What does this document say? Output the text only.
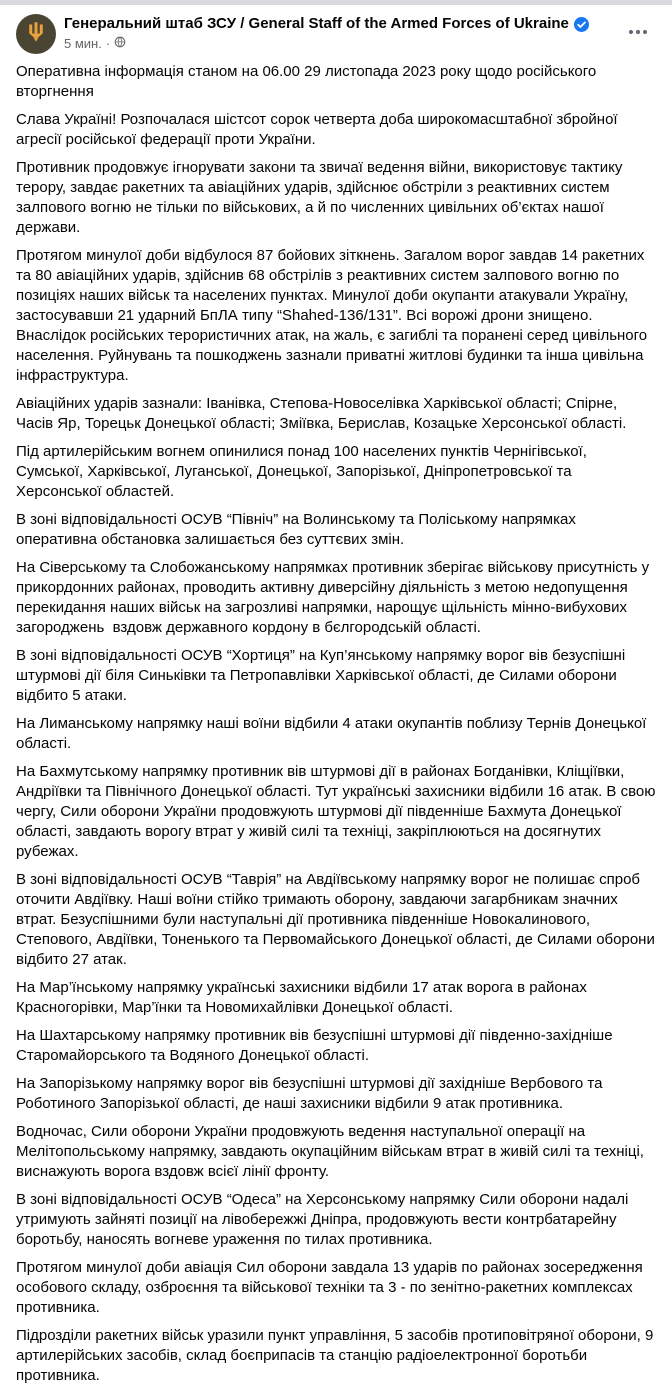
Генеральний штаб ЗСУ / General Staff of the Armed Forces of Ukraine
5 мин. ·

Оперативна інформація станом на 06.00 29 листопада 2023 року щодо російського вторгнення

Слава Україні! Розпочалася шістсот сорок четверта доба широкомасштабної збройної агресії російської федерації проти України.

Противник продовжує ігнорувати закони та звичаї ведення війни, використовує тактику терору, завдає ракетних та авіаційних ударів, здійснює обстріли з реактивних систем залпового вогню не тільки по військових, а й по численних цивільних об’єктах нашої держави.

Протягом минулої доби відбулося 87 бойових зіткнень. Загалом ворог завдав 14 ракетних та 80 авіаційних ударів, здійснив 68 обстрілів з реактивних систем залпового вогню по позиціях наших військ та населених пунктах. Минулої доби окупанти атакували Україну, застосувавши 21 ударний БпЛА типу “Shahed-136/131”. Всі ворожі дрони знищено. Внаслідок російських терористичних атак, на жаль, є загиблі та поранені серед цивільного населення. Руйнувань та пошкоджень зазнали приватні житлові будинки та інша цивільна інфраструктура.

Авіаційних ударів зазнали: Іванівка, Степова-Новоселівка Харківської області; Спірне, Часів Яр, Торецьк Донецької області; Зміївка, Берислав, Козацьке Херсонської області.

Під артилерійським вогнем опинилися понад 100 населених пунктів Чернігівської, Сумської, Харківської, Луганської, Донецької, Запорізької, Дніпропетровської та Херсонської областей.

В зоні відповідальності ОСУВ “Північ” на Волинському та Поліському напрямках оперативна обстановка залишається без суттєвих змін.

На Сіверському та Слобожанському напрямках противник зберігає військову присутність у прикордонних районах, проводить активну диверсійну діяльність з метою недопущення перекидання наших військ на загрозливі напрямки, нарощує щільність мінно-вибухових загороджень  вздовж державного кордону в бєлгородській області.

В зоні відповідальності ОСУВ “Хортиця” на Куп’янському напрямку ворог вів безуспішні штурмові дії біля Синьківки та Петропавлівки Харківської області, де Силами оборони відбито 5 атаки.

На Лиманському напрямку наші воїни відбили 4 атаки окупантів поблизу Тернів Донецької області.

На Бахмутському напрямку противник вів штурмові дії в районах Богданівки, Кліщіївки, Андріївки та Північного Донецької області. Тут українські захисники відбили 16 атак. В свою чергу, Сили оборони України продовжують штурмові дії південніше Бахмута Донецької області, завдають ворогу втрат у живій силі та техніці, закріплюються на досягнутих рубежах.

В зоні відповідальності ОСУВ “Таврія” на Авдіївському напрямку ворог не полишає спроб оточити Авдіївку. Наші воїни стійко тримають оборону, завдаючи загарбникам значних втрат. Безуспішними були наступальні дії противника південніше Новокалинового, Степового, Авдіївки, Тоненького та Первомайського Донецької області, де Силами оборони відбито 27 атак.

На Мар’їнському напрямку українські захисники відбили 17 атак ворога в районах Красногорівки, Мар’їнки та Новомихайлівки Донецької області.

На Шахтарському напрямку противник вів безуспішні штурмові дії південно-західніше Старомайорського та Водяного Донецької області.

На Запорізькому напрямку ворог вів безуспішні штурмові дії західніше Вербового та Роботиного Запорізької області, де наші захисники відбили 9 атак противника.

Водночас, Сили оборони України продовжують ведення наступальної операції на Мелітопольському напрямку, завдають окупаційним військам втрат в живій силі та техніці, виснажують ворога вздовж всієї лінії фронту.

В зоні відповідальності ОСУВ “Одеса” на Херсонському напрямку Сили оборони надалі утримують зайняті позиції на лівобережжі Дніпра, продовжують вести контрбатарейну боротьбу, наносять вогневе ураження по тилах противника.

Протягом минулої доби авіація Сил оборони завдала 13 ударів по районах зосередження особового складу, озброєння та військової техніки та 3 - по зенітно-ракетних комплексах противника.

Підрозділи ракетних військ уразили пункт управління, 5 засобів протиповітряної оборони, 9 артилерійських засобів, склад боєприпасів та станцію радіоелектронної боротьби противника.
